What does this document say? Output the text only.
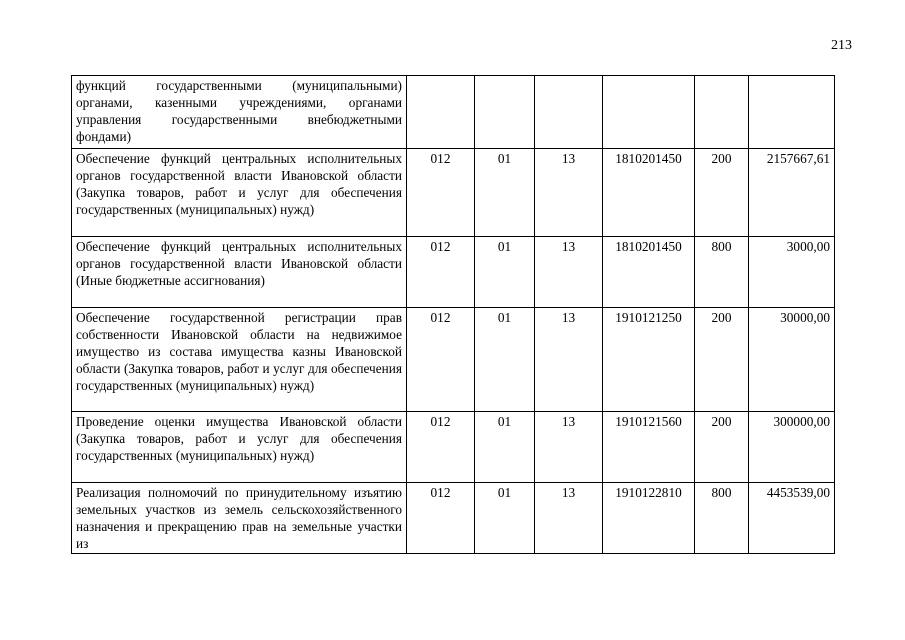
213
функций государственными (муниципальными) органами, казенными учреждениями, органами управления государственными внебюджетными фондами)						
Обеспечение функций центральных исполнительных органов государственной власти Ивановской области (Закупка товаров, работ и услуг для обеспечения государственных (муниципальных) нужд)	012	01	13	1810201450	200	2157667,61
Обеспечение функций центральных исполнительных органов государственной власти Ивановской области (Иные бюджетные ассигнования)	012	01	13	1810201450	800	3000,00
Обеспечение государственной регистрации прав собственности Ивановской области на недвижимое имущество из состава имущества казны Ивановской области (Закупка товаров, работ и услуг для обеспечения государственных (муниципальных) нужд)	012	01	13	1910121250	200	30000,00
Проведение оценки имущества Ивановской области (Закупка товаров, работ и услуг для обеспечения государственных (муниципальных) нужд)	012	01	13	1910121560	200	300000,00
Реализация полномочий по принудительному изъятию земельных участков из земель сельскохозяйственного назначения и прекращению прав на земельные участки из	012	01	13	1910122810	800	4453539,00
